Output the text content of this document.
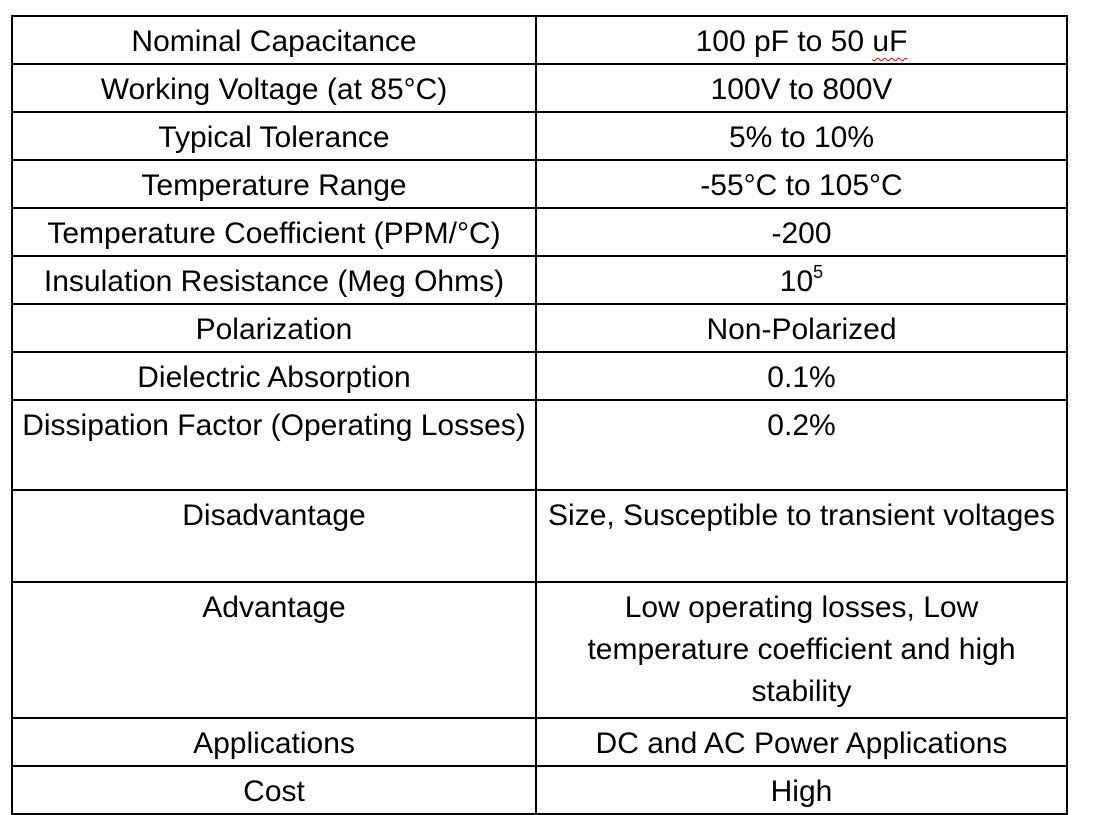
Nominal Capacitance	100 pF to 50 uF
Working Voltage (at 85°C)	100V to 800V
Typical Tolerance	5% to 10%
Temperature Range	-55°C to 105°C
Temperature Coefficient (PPM/°C)	-200
Insulation Resistance (Meg Ohms)	$10^5$
Polarization	Non-Polarized
Dielectric Absorption	0.1%
Dissipation Factor (Operating Losses)	0.2%
Disadvantage	Size, Susceptible to transient voltages
Advantage	Low operating losses, Low temperature coefficient and high stability
Applications	DC and AC Power Applications
Cost	High
